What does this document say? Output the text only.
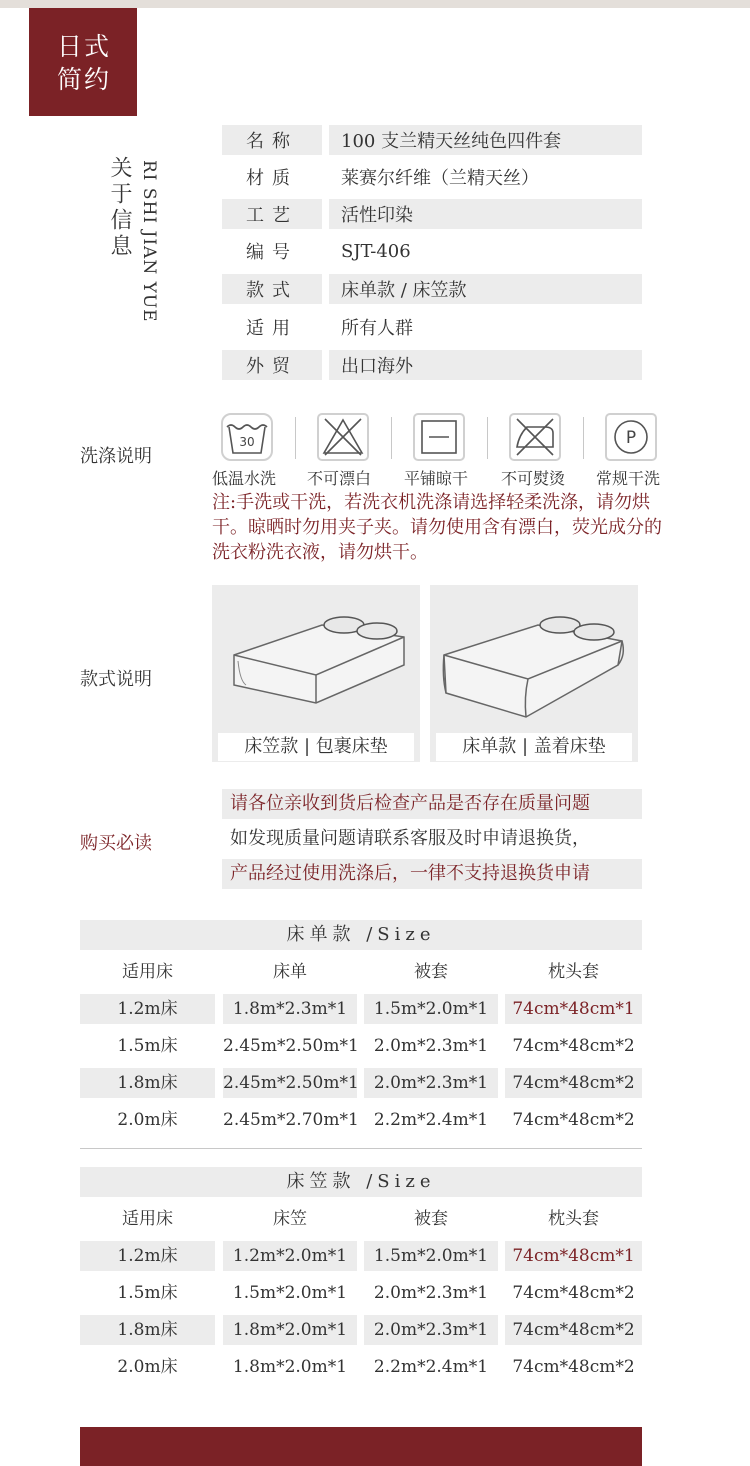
日式
简约
关于信息 RI SHI JIAN YUE
名称	100 支兰精天丝纯色四件套
材质	莱赛尔纤维（兰精天丝）
工艺	活性印染
编号	SJT-406
款式	床单款 / 床笠款
适用	所有人群
外贸	出口海外
洗涤说明
30	P
低温水洗 不可漂白 平铺晾干 不可熨烫 常规干洗
注:手洗或干洗，若洗衣机洗涤请选择轻柔洗涤，请勿烘干。晾晒时勿用夹子夹。请勿使用含有漂白，荧光成分的洗衣粉洗衣液，请勿烘干。
款式说明
床笠款 | 包裹床垫	床单款 | 盖着床垫
购买必读
请各位亲收到货后检查产品是否存在质量问题
如发现质量问题请联系客服及时申请退换货，
产品经过使用洗涤后，一律不支持退换货申请
床单款 /Size
适用床	床单	被套	枕头套
1.2m床	1.8m*2.3m*1	1.5m*2.0m*1	74cm*48cm*1
1.5m床	2.45m*2.50m*1 2.0m*2.3m*1	74cm*48cm*2
1.8m床	2.45m*2.50m*1 2.0m*2.3m*1	74cm*48cm*2
2.0m床	2.45m*2.70m*1 2.2m*2.4m*1	74cm*48cm*2
床笠款 /Size
适用床	床笠	被套	枕头套
1.2m床	1.2m*2.0m*1	1.5m*2.0m*1	74cm*48cm*1
1.5m床	1.5m*2.0m*1	2.0m*2.3m*1	74cm*48cm*2
1.8m床	1.8m*2.0m*1	2.0m*2.3m*1	74cm*48cm*2
2.0m床	1.8m*2.0m*1	2.2m*2.4m*1	74cm*48cm*2
